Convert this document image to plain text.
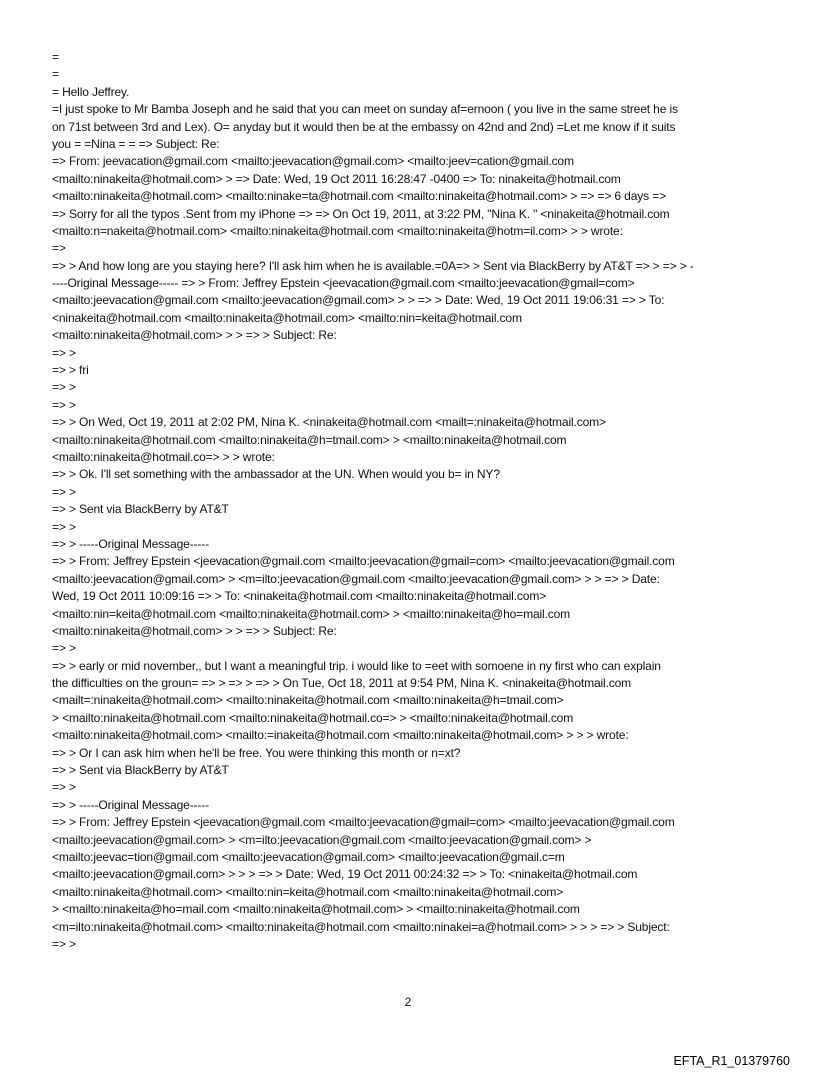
=
=
= Hello Jeffrey.
=I just spoke to Mr Bamba Joseph and he said that you can meet on sunday af=ernoon ( you live in the same street he is
on 71st between 3rd and Lex). O= anyday but it would then be at the embassy on 42nd and 2nd) =Let me know if it suits
you = =Nina = = => Subject: Re:
=> From: jeevacation@gmail.com <mailto:jeevacation@gmail.com> <mailto:jeev=cation@gmail.com
<mailto:ninakeita@hotmail.com> > => Date: Wed, 19 Oct 2011 16:28:47 -0400 => To: ninakeita@hotmail.com
<mailto:ninakeita@hotmail.com> <mailto:ninake=ta@hotmail.com <mailto:ninakeita@hotmail.com> > => => 6 days =>
=> Sorry for all the typos .Sent from my iPhone => => On Oct 19, 2011, at 3:22 PM, "Nina K. " <ninakeita@hotmail.com
<mailto:n=nakeita@hotmail.com> <mailto:ninakeita@hotmail.com <mailto:ninakeita@hotm=il.com> > > wrote:
=>
=> > And how long are you staying here? I'll ask him when he is available.=0A=> > Sent via BlackBerry by AT&T => > => > -
----Original Message----- => > From: Jeffrey Epstein <jeevacation@gmail.com <mailto:jeevacation@gmail=com>
<mailto:jeevacation@gmail.com <mailto:jeevacation@gmail.com> > > => > Date: Wed, 19 Oct 2011 19:06:31 => > To:
<ninakeita@hotmail.com <mailto:ninakeita@hotmail.com> <mailto:nin=keita@hotmail.com
<mailto:ninakeita@hotmail.com> > > => > Subject: Re:
=> >
=> > fri
=> >
=> >
=> > On Wed, Oct 19, 2011 at 2:02 PM, Nina K. <ninakeita@hotmail.com <mailt=:ninakeita@hotmail.com>
<mailto:ninakeita@hotmail.com <mailto:ninakeita@h=tmail.com> > <mailto:ninakeita@hotmail.com
<mailto:ninakeita@hotmail.co=> > > wrote:
=> > Ok. I'll set something with the ambassador at the UN. When would you b= in NY?
=> >
=> > Sent via BlackBerry by AT&T
=> >
=> > -----Original Message-----
=> > From: Jeffrey Epstein <jeevacation@gmail.com <mailto:jeevacation@gmail=com> <mailto:jeevacation@gmail.com
<mailto:jeevacation@gmail.com> > <m=ilto:jeevacation@gmail.com <mailto:jeevacation@gmail.com> > > => > Date:
Wed, 19 Oct 2011 10:09:16 => > To: <ninakeita@hotmail.com <mailto:ninakeita@hotmail.com>
<mailto:nin=keita@hotmail.com <mailto:ninakeita@hotmail.com> > <mailto:ninakeita@ho=mail.com
<mailto:ninakeita@hotmail.com> > > => > Subject: Re:
=> >
=> > early or mid november,, but I want a meaningful trip. i would like to =eet with somoene in ny first who can explain
the difficulties on the groun= => > => > => > On Tue, Oct 18, 2011 at 9:54 PM, Nina K. <ninakeita@hotmail.com
<mailt=:ninakeita@hotmail.com> <mailto:ninakeita@hotmail.com <mailto:ninakeita@h=tmail.com>
> <mailto:ninakeita@hotmail.com <mailto:ninakeita@hotmail.co=> > <mailto:ninakeita@hotmail.com
<mailto:ninakeita@hotmail.com> <mailto:=inakeita@hotmail.com <mailto:ninakeita@hotmail.com> > > > wrote:
=> > Or I can ask him when he'll be free. You were thinking this month or n=xt?
=> > Sent via BlackBerry by AT&T
=> >
=> > -----Original Message-----
=> > From: Jeffrey Epstein <jeevacation@gmail.com <mailto:jeevacation@gmail=com> <mailto:jeevacation@gmail.com
<mailto:jeevacation@gmail.com> > <m=ilto:jeevacation@gmail.com <mailto:jeevacation@gmail.com> >
<mailto:jeevac=tion@gmail.com <mailto:jeevacation@gmail.com> <mailto:jeevacation@gmail.c=m
<mailto:jeevacation@gmail.com> > > > => > Date: Wed, 19 Oct 2011 00:24:32 => > To: <ninakeita@hotmail.com
<mailto:ninakeita@hotmail.com> <mailto:nin=keita@hotmail.com <mailto:ninakeita@hotmail.com>
> <mailto:ninakeita@ho=mail.com <mailto:ninakeita@hotmail.com> > <mailto:ninakeita@hotmail.com
<m=ilto:ninakeita@hotmail.com> <mailto:ninakeita@hotmail.com <mailto:ninakei=a@hotmail.com> > > > => > Subject:
=> >
2
EFTA_R1_01379760
